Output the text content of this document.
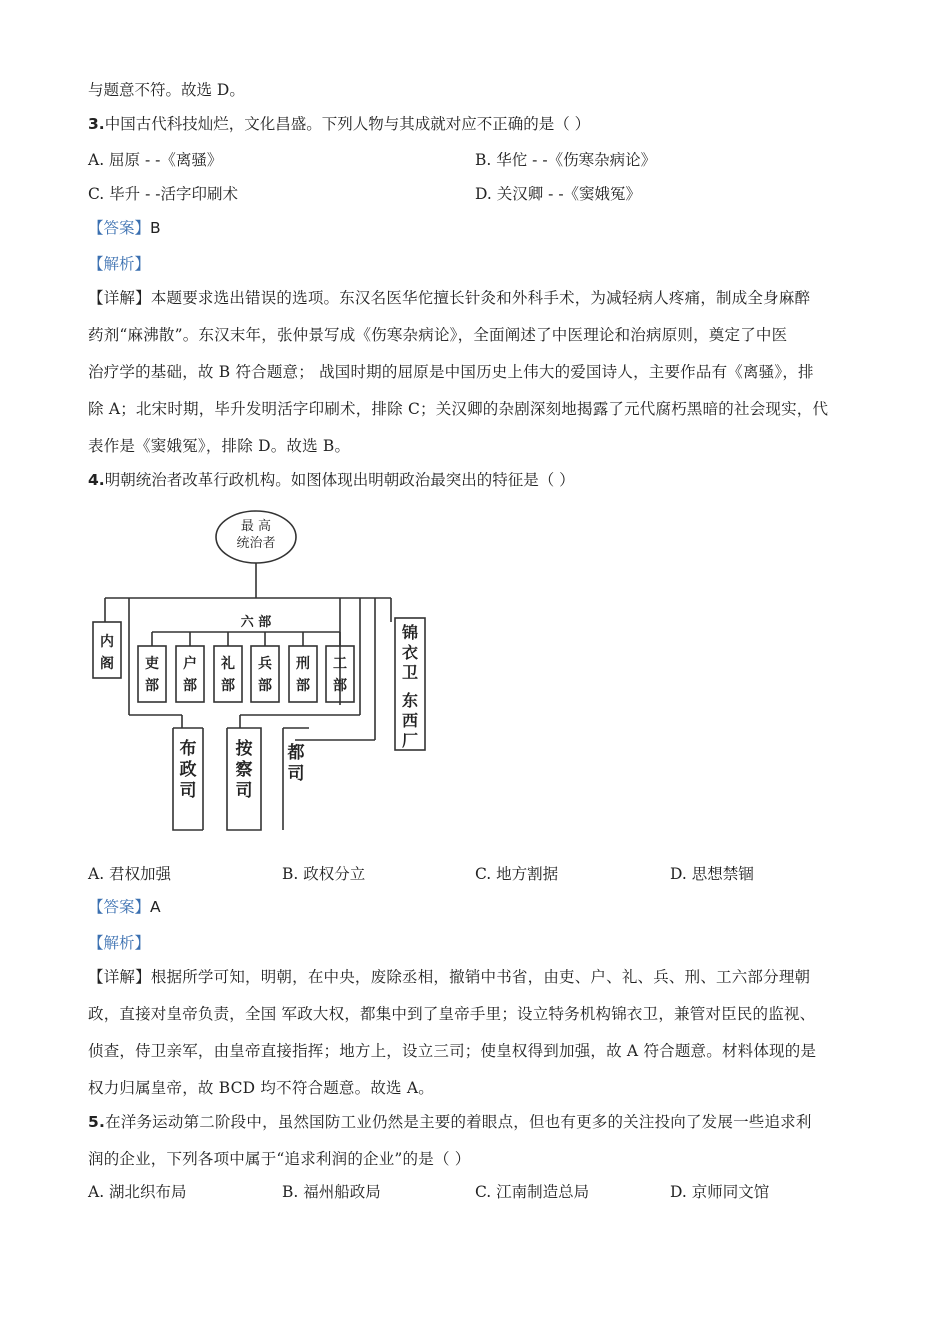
与题意不符。故选 D。
3.中国古代科技灿烂，文化昌盛。下列人物与其成就对应不正确的是（ ）
A. 屈原 - -《离骚》	B. 华佗 - -《伤寒杂病论》
C. 毕升 - -活字印刷术	D. 关汉卿 - -《窦娥冤》
【答案】B
【解析】
【详解】本题要求选出错误的选项。东汉名医华佗擅长针灸和外科手术，为减轻病人疼痛，制成全身麻醉
药剂“麻沸散”。东汉末年，张仲景写成《伤寒杂病论》，全面阐述了中医理论和治病原则，奠定了中医
治疗学的基础，故 B 符合题意； 战国时期的屈原是中国历史上伟大的爱国诗人，主要作品有《离骚》，排
除 A；北宋时期，毕升发明活字印刷术，排除 C；关汉卿的杂剧深刻地揭露了元代腐朽黑暗的社会现实，代
表作是《窦娥冤》，排除 D。故选 B。
4.明朝统治者改革行政机构。如图体现出明朝政治最突出的特征是（ ）
最 高
统治者
六 部
内
阁 吏
部
户
部
礼
部
兵
部
刑
部
工
部
锦
衣
卫
东
西
厂
布
政
司
按
察
司
都
司
A. 君权加强	B. 政权分立	C. 地方割据	D. 思想禁锢
【答案】A
【解析】
【详解】根据所学可知，明朝，在中央，废除丞相，撤销中书省，由吏、户、礼、兵、刑、工六部分理朝
政，直接对皇帝负责，全国 军政大权，都集中到了皇帝手里；设立特务机构锦衣卫，兼管对臣民的监视、
侦查，侍卫亲军，由皇帝直接指挥；地方上，设立三司；使皇权得到加强，故 A 符合题意。材料体现的是
权力归属皇帝，故 BCD 均不符合题意。故选 A。
5.在洋务运动第二阶段中，虽然国防工业仍然是主要的着眼点，但也有更多的关注投向了发展一些追求利
润的企业，下列各项中属于“追求利润的企业”的是（ ）
A. 湖北织布局	B. 福州船政局	C. 江南制造总局	D. 京师同文馆
